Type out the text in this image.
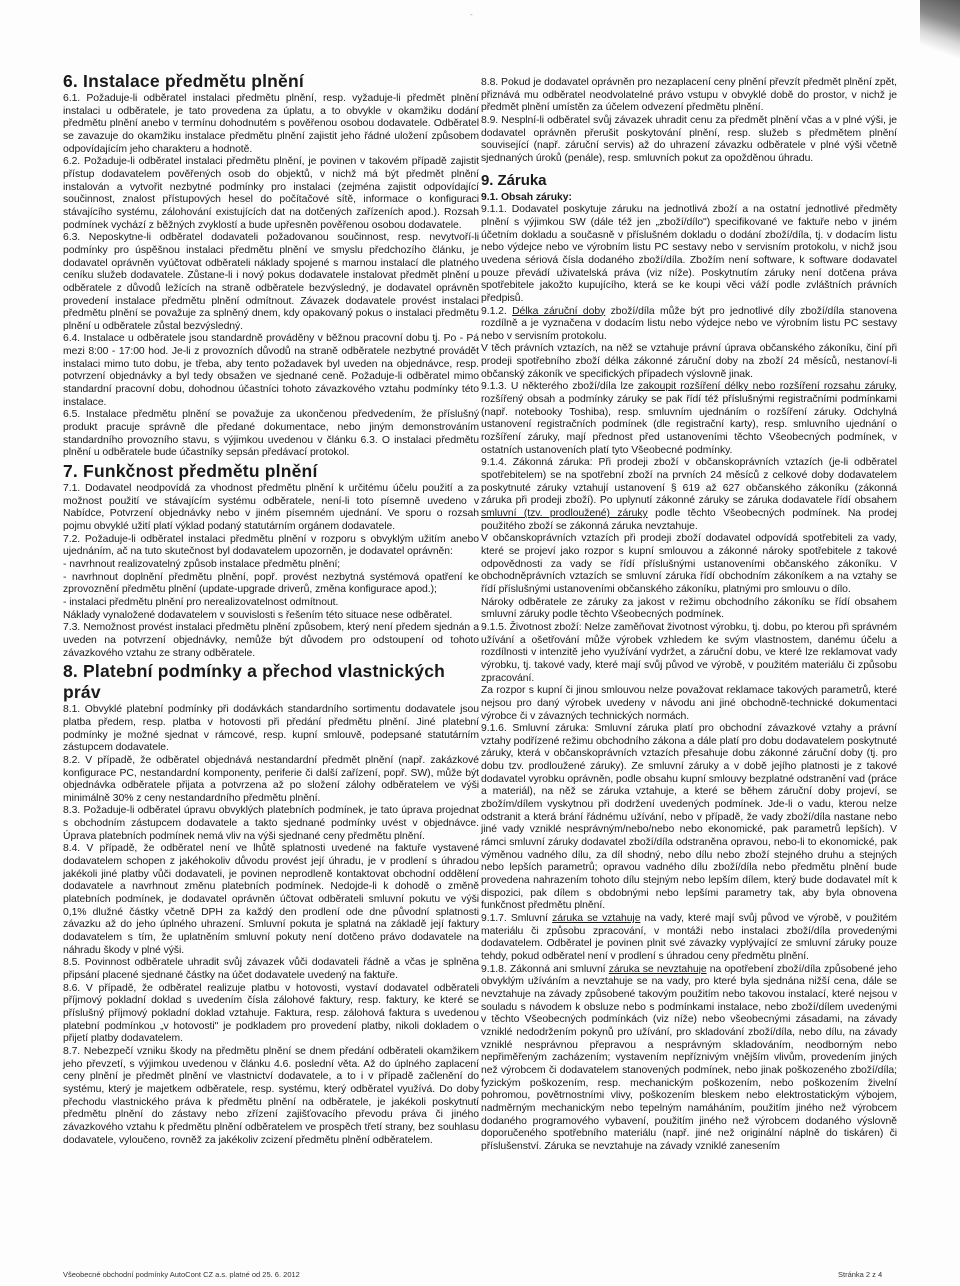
-
6. Instalace předmětu plnění

6.1. Požaduje-li odběratel instalaci předmětu plnění, resp. vyžaduje-li předmět plnění instalaci u odběratele, je tato provedena za úplatu, a to obvykle v okamžiku dodání předmětu plnění anebo v termínu dohodnutém s pověřenou osobou dodavatele. Odběratel se zavazuje do okamžiku instalace předmětu plnění zajistit jeho řádné uložení způsobem odpovídajícím jeho charakteru a hodnotě.

6.2. Požaduje-li odběratel instalaci předmětu plnění, je povinen v takovém případě zajistit přístup dodavatelem pověřených osob do objektů, v nichž má být předmět plnění instalován a vytvořit nezbytné podmínky pro instalaci (zejména zajistit odpovídající součinnost, znalost přístupových hesel do počítačové sítě, informace o konfiguraci stávajícího systému, zálohování existujících dat na dotčených zařízeních apod.). Rozsah podmínek vychází z běžných zvyklostí a bude upřesněn pověřenou osobou dodavatele.

6.3. Neposkytne-li odběratel dodavateli požadovanou součinnost, resp. nevytvoří-li podmínky pro úspěšnou instalaci předmětu plnění ve smyslu předchozího článku, je dodavatel oprávněn vyúčtovat odběrateli náklady spojené s marnou instalací dle platného ceníku služeb dodavatele. Zůstane-li i nový pokus dodavatele instalovat předmět plnění u odběratele z důvodů ležících na straně odběratele bezvýsledný, je dodavatel oprávněn provedení instalace předmětu plnění odmítnout. Závazek dodavatele provést instalaci předmětu plnění se považuje za splněný dnem, kdy opakovaný pokus o instalaci předmětu plnění u odběratele zůstal bezvýsledný.

6.4. Instalace u odběratele jsou standardně prováděny v běžnou pracovní dobu tj. Po - Pá mezi 8:00 - 17:00 hod. Je-li z provozních důvodů na straně odběratele nezbytné provádět instalaci mimo tuto dobu, je třeba, aby tento požadavek byl uveden na objednávce, resp. potvrzení objednávky a byl tedy obsažen ve sjednané ceně. Požaduje-li odběratel mimo standardní pracovní dobu, dohodnou účastníci tohoto závazkového vztahu podmínky této instalace.

6.5. Instalace předmětu plnění se považuje za ukončenou předvedením, že příslušný produkt pracuje správně dle předané dokumentace, nebo jiným demonstrováním standardního provozního stavu, s výjimkou uvedenou v článku 6.3. O instalaci předmětu plnění u odběratele bude účastníky sepsán předávací protokol.

7. Funkčnost předmětu plnění

7.1. Dodavatel neodpovídá za vhodnost předmětu plnění k určitému účelu použití a za možnost použití ve stávajícím systému odběratele, není-li toto písemně uvedeno v Nabídce, Potvrzení objednávky nebo v jiném písemném ujednání. Ve sporu o rozsah pojmu obvyklé užití platí výklad podaný statutárním orgánem dodavatele.

7.2. Požaduje-li odběratel instalaci předmětu plnění v rozporu s obvyklým užitím anebo ujednáním, ač na tuto skutečnost byl dodavatelem upozorněn, je dodavatel oprávněn:

- navrhnout realizovatelný způsob instalace předmětu plnění;

- navrhnout doplnění předmětu plnění, popř. provést nezbytná systémová opatření ke zprovoznění předmětu plnění (update-upgrade driverů, změna konfigurace apod.);

- instalaci předmětu plnění pro nerealizovatelnost odmítnout.

Náklady vynaložené dodavatelem v souvislosti s řešením této situace nese odběratel.

7.3. Nemožnost provést instalaci předmětu plnění způsobem, který není předem sjednán a uveden na potvrzení objednávky, nemůže být důvodem pro odstoupení od tohoto závazkového vztahu ze strany odběratele.

8. Platební podmínky a přechod vlastnických práv

8.1. Obvyklé platební podmínky při dodávkách standardního sortimentu dodavatele jsou platba předem, resp. platba v hotovosti při předání předmětu plnění. Jiné platební podmínky je možné sjednat v rámcové, resp. kupní smlouvě, podepsané statutárním zástupcem dodavatele.

8.2. V případě, že odběratel objednává nestandardní předmět plnění (např. zakázkové konfigurace PC, nestandardní komponenty, periferie či další zařízení, popř. SW), může být objednávka odběratele přijata a potvrzena až po složení zálohy odběratelem ve výši minimálně 30% z ceny nestandardního předmětu plnění.

8.3. Požaduje-li odběratel úpravu obvyklých platebních podmínek, je tato úprava projednat s obchodním zástupcem dodavatele a takto sjednané podmínky uvést v objednávce. Úprava platebních podmínek nemá vliv na výši sjednané ceny předmětu plnění.

8.4. V případě, že odběratel není ve lhůtě splatnosti uvedené na faktuře vystavené dodavatelem schopen z jakéhokoliv důvodu provést její úhradu, je v prodlení s úhradou jakékoli jiné platby vůči dodavateli, je povinen neprodleně kontaktovat obchodní oddělení dodavatele a navrhnout změnu platebních podmínek. Nedojde-li k dohodě o změně platebních podmínek, je dodavatel oprávněn účtovat odběrateli smluvní pokutu ve výši 0,1% dlužné částky včetně DPH za každý den prodlení ode dne původní splatnosti závazku až do jeho úplného uhrazení. Smluvní pokuta je splatná na základě její faktury dodavatelem s tím, že uplatněním smluvní pokuty není dotčeno právo dodavatele na náhradu škody v plné výši.

8.5. Povinnost odběratele uhradit svůj závazek vůči dodavateli řádně a včas je splněna připsání placené sjednané částky na účet dodavatele uvedený na faktuře.

8.6. V případě, že odběratel realizuje platbu v hotovosti, vystaví dodavatel odběrateli příjmový pokladní doklad s uvedením čísla zálohové faktury, resp. faktury, ke které se příslušný příjmový pokladní doklad vztahuje. Faktura, resp. zálohová faktura s uvedenou platební podmínkou „v hotovosti" je podkladem pro provedení platby, nikoli dokladem o přijetí platby dodavatelem.

8.7. Nebezpečí vzniku škody na předmětu plnění se dnem předání odběrateli okamžikem jeho převzetí, s výjimkou uvedenou v článku 4.6. poslední věta. Až do úplného zaplacení ceny plnění je předmět plnění ve vlastnictví dodavatele, a to i v případě začlenění do systému, který je majetkem odběratele, resp. systému, který odběratel využívá. Do doby přechodu vlastnického práva k předmětu plnění na odběratele, je jakékoli poskytnutí předmětu plnění do zástavy nebo zřízení zajišťovacího převodu práva či jiného závazkového vztahu k předmětu plnění odběratelem ve prospěch třetí strany, bez souhlasu dodavatele, vyloučeno, rovněž za jakékoliv zcizení předmětu plnění odběratelem.

8.8. Pokud je dodavatel oprávněn pro nezaplacení ceny plnění převzít předmět plnění zpět, přiznává mu odběratel neodvolatelné právo vstupu v obvyklé době do prostor, v nichž je předmět plnění umístěn za účelem odvezení předmětu plnění.

8.9. Nesplní-li odběratel svůj závazek uhradit cenu za předmět plnění včas a v plné výši, je dodavatel oprávněn přerušit poskytování plnění, resp. služeb s předmětem plnění související (např. záruční servis) až do uhrazení závazku odběratele v plné výši včetně sjednaných úroků (penále), resp. smluvních pokut za opožděnou úhradu.

9. Záruka
9.1. Obsah záruky:

9.1.1. Dodavatel poskytuje záruku na jednotlivá zboží a na ostatní jednotlivé předměty plnění s výjimkou SW (dále též jen „zboží/dílo") specifikované ve faktuře nebo v jiném účetním dokladu a současně v příslušném dokladu o dodání zboží/díla, tj. v dodacím listu nebo výdejce nebo ve výrobním listu PC sestavy nebo v servisním protokolu, v nichž jsou uvedena sériová čísla dodaného zboží/díla. Zbožím není software, k software dodavatel pouze převádí uživatelská práva (viz níže). Poskytnutím záruky není dotčena práva spotřebitele jakožto kupujícího, která se ke koupi věci váží podle zvláštních právních předpisů.

9.1.2. Délka záruční doby zboží/díla může být pro jednotlivé díly zboží/díla stanovena rozdílně a je vyznačena v dodacím listu nebo výdejce nebo ve výrobním listu PC sestavy nebo v servisním protokolu.

V těch právních vztazích, na něž se vztahuje právní úprava občanského zákoníku, činí při prodeji spotřebního zboží délka zákonné záruční doby na zboží 24 měsíců, nestanoví-li občanský zákoník ve specifických případech výslovně jinak.

9.1.3. U některého zboží/díla lze zakoupit rozšíření délky nebo rozšíření rozsahu záruky, rozšířený obsah a podmínky záruky se pak řídí též příslušnými registračními podmínkami (např. notebooky Toshiba), resp. smluvním ujednáním o rozšíření záruky. Odchylná ustanovení registračních podmínek (dle registrační karty), resp. smluvního ujednání o rozšíření záruky, mají přednost před ustanoveními těchto Všeobecných podmínek, v ostatních ustanoveních platí tyto Všeobecné podmínky.

9.1.4. Zákonná záruka: Při prodeji zboží v občanskoprávních vztazích (je-li odběratel spotřebitelem) se na spotřební zboží na prvních 24 měsíců z celkové doby dodavatelem poskytnuté záruky vztahují ustanovení § 619 až 627 občanského zákoníku (zákonná záruka při prodeji zboží). Po uplynutí zákonné záruky se záruka dodavatele řídí obsahem smluvní (tzv. prodloužené) záruky podle těchto Všeobecných podmínek. Na prodej použitého zboží se zákonná záruka nevztahuje.

V občanskoprávních vztazích při prodeji zboží dodavatel odpovídá spotřebiteli za vady, které se projeví jako rozpor s kupní smlouvou a zákonné nároky spotřebitele z takové odpovědnosti za vady se řídí příslušnými ustanoveními občanského zákoníku. V obchodněprávních vztazích se smluvní záruka řídí obchodním zákoníkem a na vztahy se řídí příslušnými ustanoveními občanského zákoníku, platnými pro smlouvu o dílo.

Nároky odběratele ze záruky za jakost v režimu obchodního zákoníku se řídí obsahem smluvní záruky podle těchto Všeobecných podmínek.

9.1.5. Životnost zboží: Nelze zaměňovat životnost výrobku, tj. dobu, po kterou při správném užívání a ošetřování může výrobek vzhledem ke svým vlastnostem, danému účelu a rozdílnosti v intenzitě jeho využívání vydržet, a záruční dobu, ve které lze reklamovat vady výrobku, tj. takové vady, které mají svůj původ ve výrobě, v použitém materiálu či způsobu zpracování.

Za rozpor s kupní či jinou smlouvou nelze považovat reklamace takových parametrů, které nejsou pro daný výrobek uvedeny v návodu ani jiné obchodně-technické dokumentaci výrobce či v závazných technických normách.

9.1.6. Smluvní záruka: Smluvní záruka platí pro obchodní závazkové vztahy a právní vztahy podřízené režimu obchodního zákona a dále platí pro dobu dodavatelem poskytnuté záruky, která v občanskoprávních vztazích přesahuje dobu zákonné záruční doby (tj. pro dobu tzv. prodloužené záruky). Ze smluvní záruky a v době jejího platnosti je z takové dodavatel vyrobku oprávněn, podle obsahu kupní smlouvy bezplatné odstranění vad (práce a materiál), na něž se záruka vztahuje, a které se během záruční doby projeví, se zbožím/dílem vyskytnou při dodržení uvedených podmínek. Jde-li o vadu, kterou nelze odstranit a která brání řádnému užívání, nebo v případě, že vady zboží/díla nastane nebo jiné vady vzniklé nesprávným/nebo/nebo nebo ekonomické, pak parametrů lepších). V rámci smluvní záruky dodavatel zboží/díla odstraněna opravou, nebo-li to ekonomické, pak výměnou vadného dílu, za díl shodný, nebo dílu nebo zboží stejného druhu a stejných nebo lepších parametrů; opravou vadného dílu zboží/díla nebo předmětu plnění bude provedena nahrazením tohoto dílu stejným nebo lepším dílem, který bude dodavatel mít k dispozici, pak dílem s obdobnými nebo lepšími parametry tak, aby byla obnovena funkčnost předmětu plnění.

9.1.7. Smluvní záruka se vztahuje na vady, které mají svůj původ ve výrobě, v použitém materiálu či způsobu zpracování, v montáži nebo instalaci zboží/díla provedenými dodavatelem. Odběratel je povinen plnit své závazky vyplývající ze smluvní záruky pouze tehdy, pokud odběratel není v prodlení s úhradou ceny předmětu plnění.

9.1.8. Zákonná ani smluvní záruka se nevztahuje na opotřebení zboží/díla způsobené jeho obvyklým užíváním a nevztahuje se na vady, pro které byla sjednána nižší cena, dále se nevztahuje na závady způsobené takovým použitím nebo takovou instalací, které nejsou v souladu s návodem k obsluze nebo s podmínkami instalace, nebo zboží/dílem uvedenými v těchto Všeobecných podmínkách (viz níže) nebo všeobecnými zásadami, na závady vzniklé nedodržením pokynů pro užívání, pro skladování zboží/díla, nebo dílu, na závady vzniklé nesprávnou přepravou a nesprávným skladováním, neodborným nebo nepřiměřeným zacházením; vystavením nepříznivým vnějším vlivům, provedením jiných než výrobcem či dodavatelem stanovených podmínek, nebo jinak poškozeného zboží/díla; fyzickým poškozením, resp. mechanickým poškozením, nebo poškozením živelní pohromou, povětrnostními vlivy, poškozením bleskem nebo elektrostatickým výbojem, nadměrným mechanickým nebo tepelným namáháním, použitím jiného než výrobcem dodaného programového vybavení, použitím jiného než výrobcem dodaného výslovně doporučeného spotřebního materiálu (např. jiné než originální náplně do tiskáren) či příslušenství. Záruka se nevztahuje na závady vzniklé zanesením

Všeobecné obchodní podmínky AutoCont CZ a.s. platné od 25. 6. 2012	Stránka 2 z 4
